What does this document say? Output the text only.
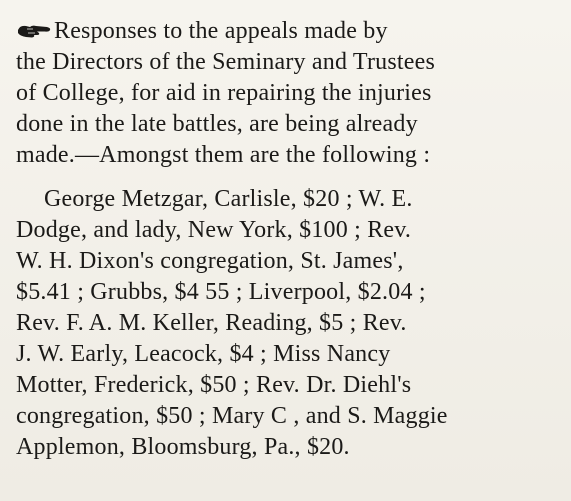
Responses to the appeals made by
the Directors of the Seminary and Trustees
of College, for aid in repairing the injuries
done in the late battles, are being already
made.—Amongst them are the following :
George Metzgar, Carlisle, $20 ; W. E.
Dodge, and lady, New York, $100 ; Rev.
W. H. Dixon's congregation, St. James',
$5.41 ; Grubbs, $4 55 ; Liverpool, $2.04 ;
Rev. F. A. M. Keller, Reading, $5 ; Rev.
J. W. Early, Leacock, $4 ; Miss Nancy
Motter, Frederick, $50 ; Rev. Dr. Diehl's
congregation, $50 ; Mary C , and S. Maggie
Applemon, Bloomsburg, Pa., $20.
